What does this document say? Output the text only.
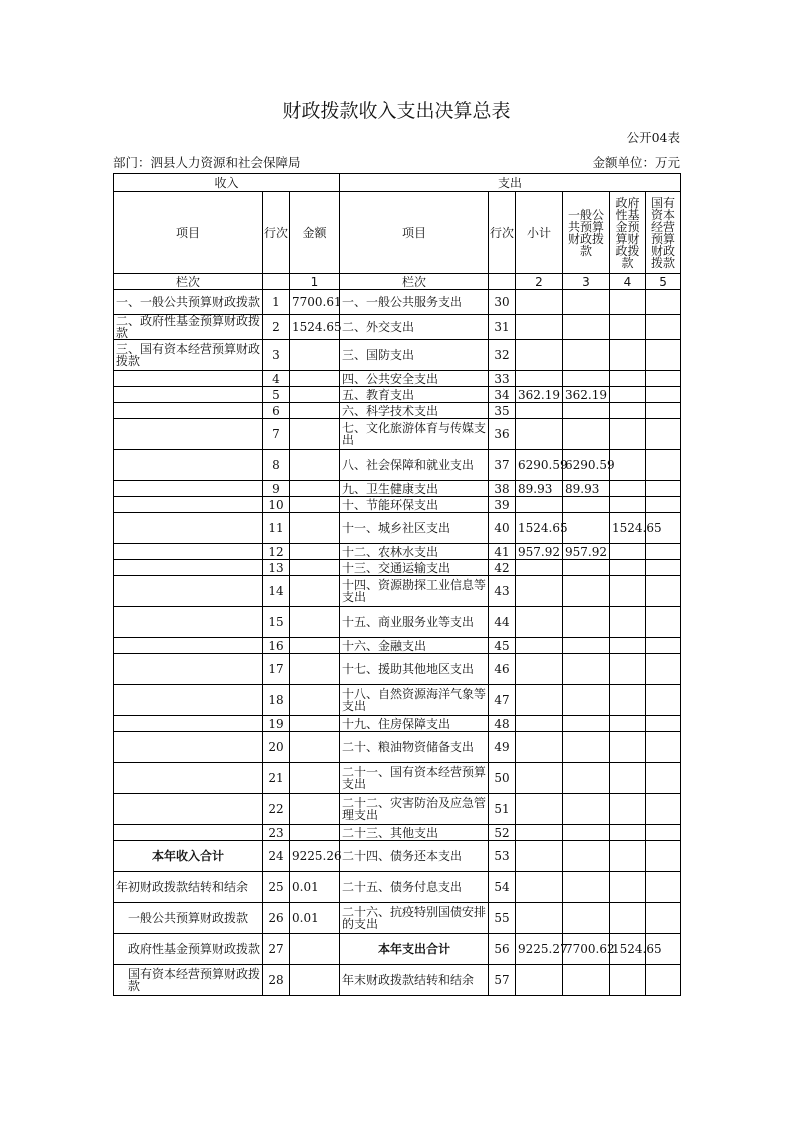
财政拨款收入支出决算总表
公开04表
部门：泗县人力资源和社会保障局	金额单位：万元
收入			支出					
项目	行次	金额	项目	行次	小计	一般公共预算财政拨款	政府性基金预算财政拨款	国有资本经营预算财政拨款
栏次		1	栏次		2	3	4	5
一、一般公共预算财政拨款	1	7700.61	一、一般公共服务支出	30				
二、政府性基金预算财政拨款	2	1524.65	二、外交支出	31				
三、国有资本经营预算财政拨款	3		三、国防支出	32				
	4		四、公共安全支出	33				
	5		五、教育支出	34	362.19	362.19		
	6		六、科学技术支出	35				
	7		七、文化旅游体育与传媒支出	36				
	8		八、社会保障和就业支出	37	6290.59	6290.59		
	9		九、卫生健康支出	38	89.93	89.93		
	10		十、节能环保支出	39				
	11		十一、城乡社区支出	40	1524.65		1524.65	
	12		十二、农林水支出	41	957.92	957.92		
	13		十三、交通运输支出	42				
	14		十四、资源勘探工业信息等支出	43				
	15		十五、商业服务业等支出	44				
	16		十六、金融支出	45				
	17		十七、援助其他地区支出	46				
	18		十八、自然资源海洋气象等支出	47				
	19		十九、住房保障支出	48				
	20		二十、粮油物资储备支出	49				
	21		二十一、国有资本经营预算支出	50				
	22		二十二、灾害防治及应急管理支出	51				
	23		二十三、其他支出	52				
本年收入合计	24	9225.26	二十四、债务还本支出	53				
年初财政拨款结转和结余	25	0.01	二十五、债务付息支出	54				
一般公共预算财政拨款	26	0.01	二十六、抗疫特别国债安排的支出	55				
政府性基金预算财政拨款	27		本年支出合计	56	9225.27	7700.62	1524.65	
国有资本经营预算财政拨款	28		年末财政拨款结转和结余	57				
